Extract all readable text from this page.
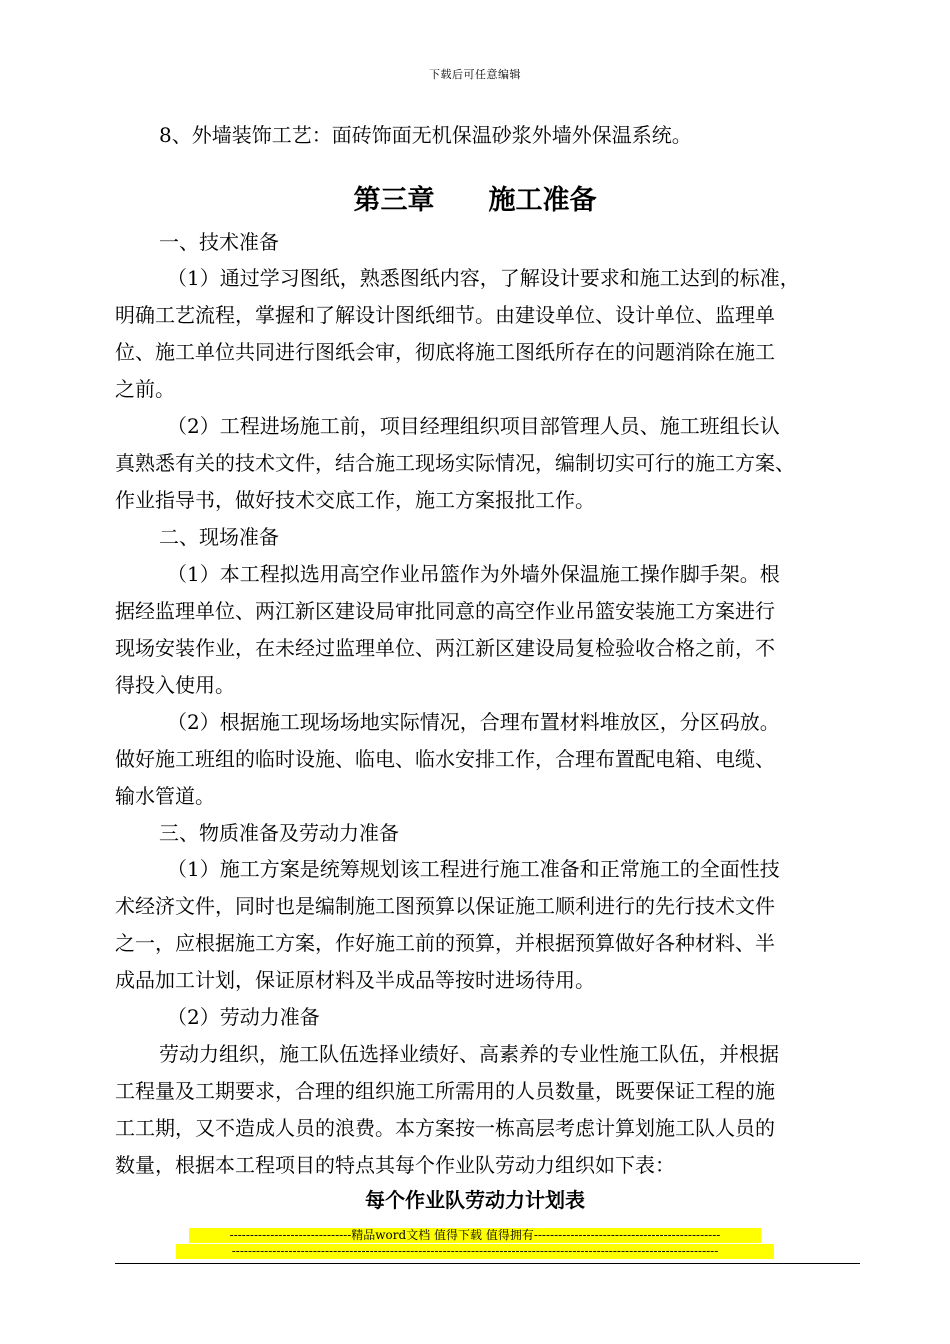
下载后可任意编辑
8、外墙装饰工艺：面砖饰面无机保温砂浆外墙外保温系统。
第三章　　施工准备
一、技术准备
（1）通过学习图纸，熟悉图纸内容，了解设计要求和施工达到的标准，
明确工艺流程，掌握和了解设计图纸细节。由建设单位、设计单位、监理单
位、施工单位共同进行图纸会审，彻底将施工图纸所存在的问题消除在施工
之前。
（2）工程进场施工前，项目经理组织项目部管理人员、施工班组长认
真熟悉有关的技术文件，结合施工现场实际情况，编制切实可行的施工方案、
作业指导书，做好技术交底工作，施工方案报批工作。
二、现场准备
（1）本工程拟选用高空作业吊篮作为外墙外保温施工操作脚手架。根
据经监理单位、两江新区建设局审批同意的高空作业吊篮安装施工方案进行
现场安装作业，在未经过监理单位、两江新区建设局复检验收合格之前，不
得投入使用。
（2）根据施工现场场地实际情况，合理布置材料堆放区，分区码放。
做好施工班组的临时设施、临电、临水安排工作，合理布置配电箱、电缆、
输水管道。
三、物质准备及劳动力准备
（1）施工方案是统筹规划该工程进行施工准备和正常施工的全面性技
术经济文件，同时也是编制施工图预算以保证施工顺利进行的先行技术文件
之一，应根据施工方案，作好施工前的预算，并根据预算做好各种材料、半
成品加工计划，保证原材料及半成品等按时进场待用。
（2）劳动力准备
劳动力组织，施工队伍选择业绩好、高素养的专业性施工队伍，并根据
工程量及工期要求，合理的组织施工所需用的人员数量，既要保证工程的施
工工期，又不造成人员的浪费。本方案按一栋高层考虑计算划施工队人员的
数量，根据本工程项目的特点其每个作业队劳动力组织如下表：
每个作业队劳动力计划表
------------------------------精品word文档 值得下载 值得拥有----------------------------------------------
------------------------------------------------------------------------------------------------------------------------
